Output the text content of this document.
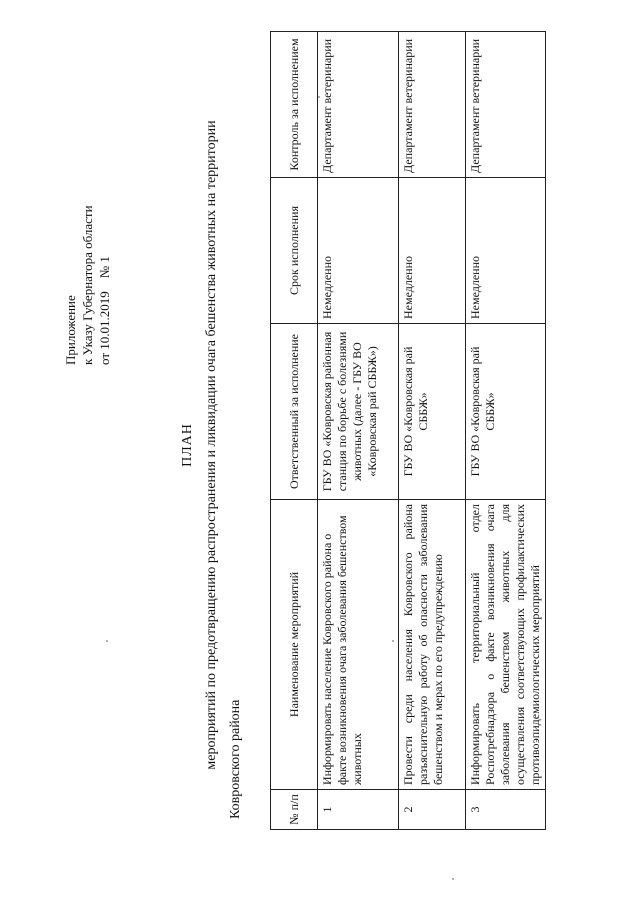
Приложение к Указу Губернатора области от 10.01.2019    № 1
ПЛАН мероприятий по предотвращению распространения и ликвидации очага бешенства животных на территории Ковровского района	№ п/п	Наименование мероприятий	Ответственный за исполнение	Срок исполнения	Контроль за исполнением
1	Информировать население Ковровского района о факте возникновения очага заболевания бешенством животных	ГБУ ВО «Ковровская районная станция по борьбе с болезнями животных (далее - ГБУ ВО «Ковровская рай СББЖ»)	Немедленно	Департамент ветеринарии
2	Провести среди населения Ковровского района разъяснительную работу об опасности заболевания бешенством и мерах по его предупреждению	ГБУ ВО «Ковровская рай СББЖ»	Немедленно	Департамент ветеринарии
3	Информировать территориальный отдел Роспотребнадзора о факте возникновения очага заболевания бешенством животных для осуществления соответствующих профилактических противоэпидемиологических мероприятий	ГБУ ВО «Ковровская рай СББЖ»	Немедленно	Департамент ветеринарии
